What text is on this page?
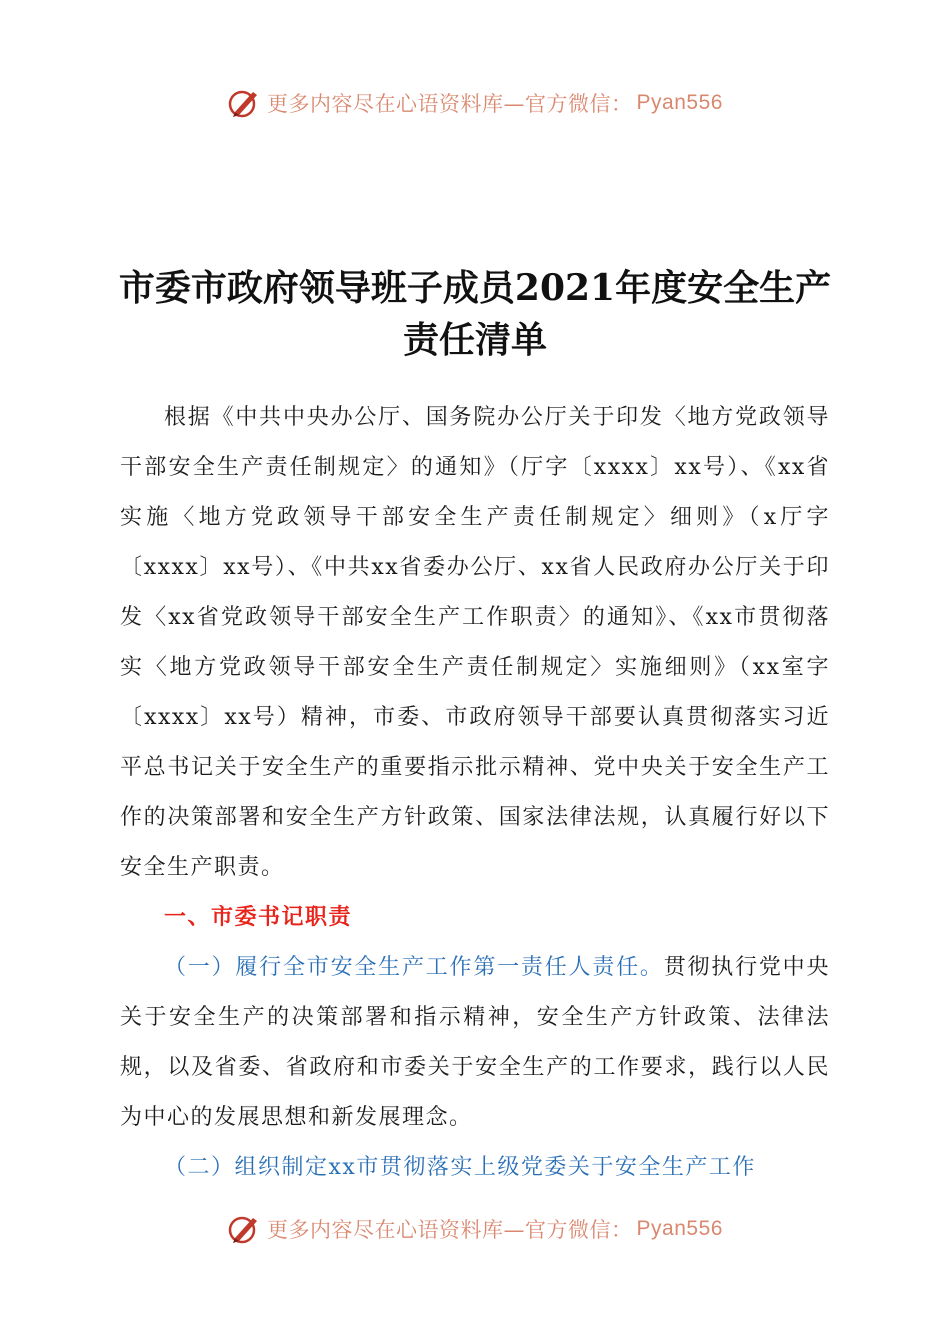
更多内容尽在心语资料库—官方微信： Pyan556
市委市政府领导班子成员2021年度安全生产
责任清单

根据《中共中央办公厅、国务院办公厅关于印发〈地方党政领导干部安全生产责任制规定〉的通知》（厅字〔xxxx〕xx号）、《xx省实施〈地方党政领导干部安全生产责任制规定〉细则》（x厅字〔xxxx〕xx号）、《中共xx省委办公厅、xx省人民政府办公厅关于印发〈xx省党政领导干部安全生产工作职责〉的通知》、《xx市贯彻落实〈地方党政领导干部安全生产责任制规定〉实施细则》（xx室字〔xxxx〕xx号）精神，市委、市政府领导干部要认真贯彻落实习近平总书记关于安全生产的重要指示批示精神、党中央关于安全生产工作的决策部署和安全生产方针政策、国家法律法规，认真履行好以下安全生产职责。

一、市委书记职责

（一）履行全市安全生产工作第一责任人责任。贯彻执行党中央关于安全生产的决策部署和指示精神，安全生产方针政策、法律法规，以及省委、省政府和市委关于安全生产的工作要求，践行以人民为中心的发展思想和新发展理念。

（二）组织制定xx市贯彻落实上级党委关于安全生产工作

更多内容尽在心语资料库—官方微信： Pyan556
